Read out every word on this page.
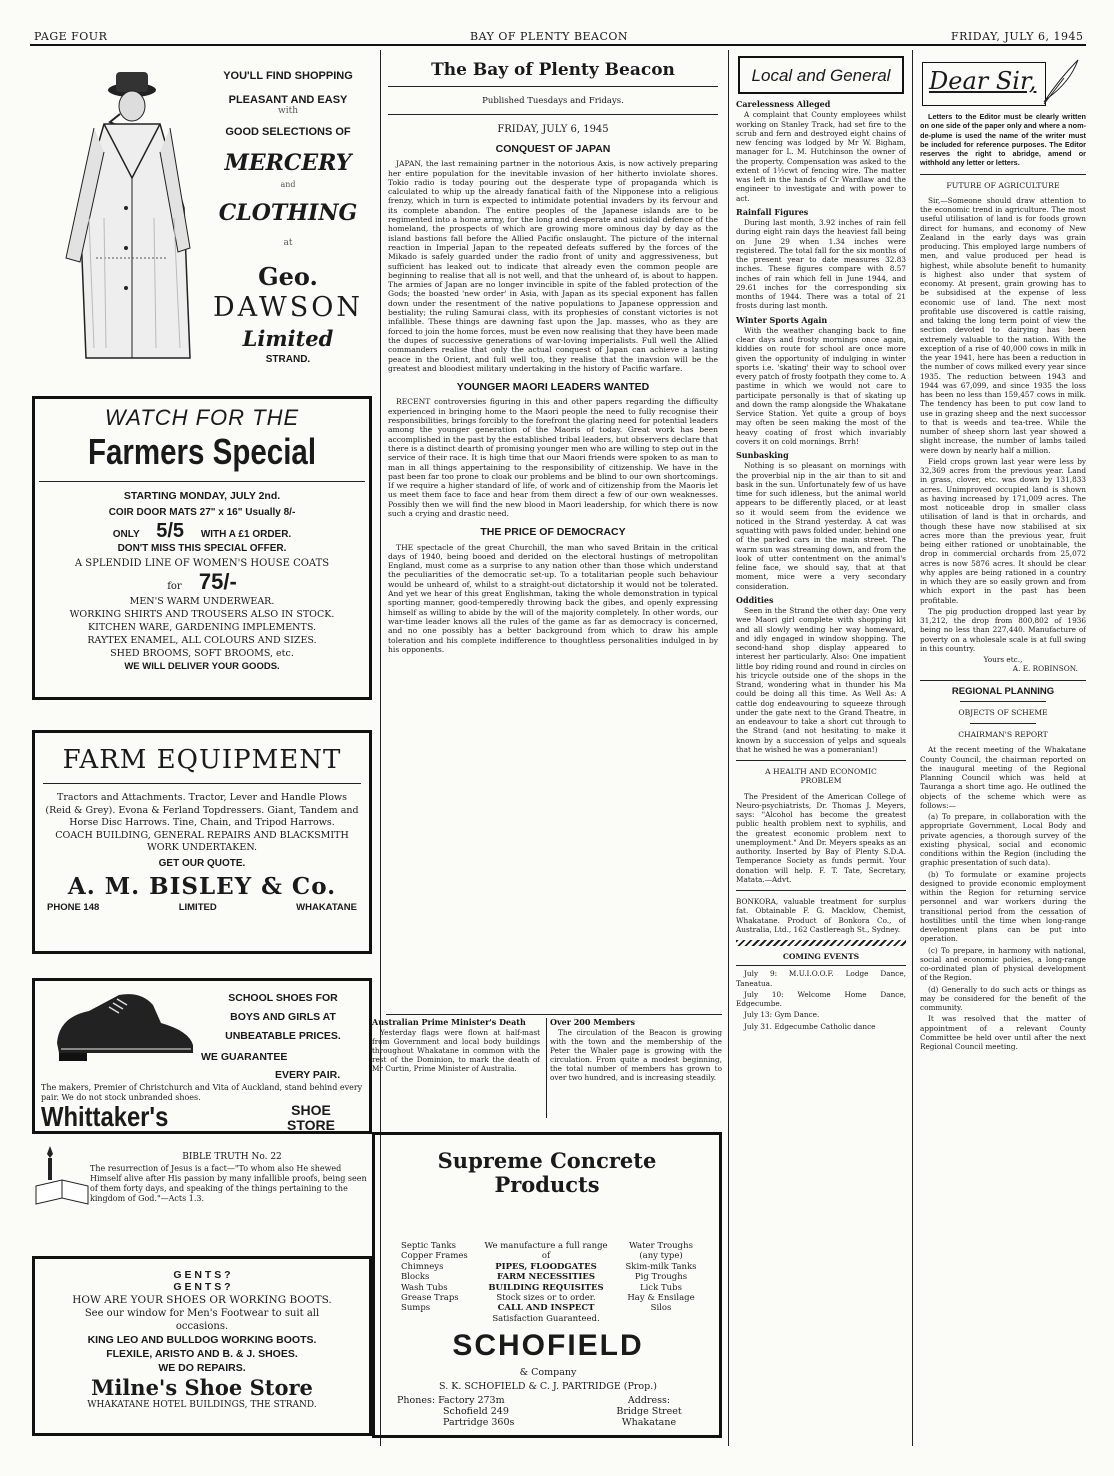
PAGE FOUR	BAY OF PLENTY BEACON	FRIDAY, JULY 6, 1945
YOU'LL FIND SHOPPING
PLEASANT AND EASY
with
GOOD SELECTIONS OF
MERCERY
and
CLOTHING
at
Geo.
DAWSON
Limited
STRAND.
WATCH FOR THE
Farmers Special
STARTING MONDAY, JULY 2nd.
COIR DOOR MATS 27" x 16" Usually 8/-
ONLY 5/5 WITH A £1 ORDER.
DON'T MISS THIS SPECIAL OFFER.
A SPLENDID LINE OF WOMEN'S HOUSE COATS
for 75/-
MEN'S WARM UNDERWEAR.
WORKING SHIRTS AND TROUSERS ALSO IN STOCK.
KITCHEN WARE, GARDENING IMPLEMENTS.
RAYTEX ENAMEL, ALL COLOURS AND SIZES.
SHED BROOMS, SOFT BROOMS, etc.
WE WILL DELIVER YOUR GOODS.
FARM EQUIPMENT
Tractors and Attachments. Tractor, Lever and Handle Plows (Reid & Grey). Evona & Ferland Topdressers. Giant, Tandem and Horse Disc Harrows. Tine, Chain, and Tripod Harrows.
COACH BUILDING, GENERAL REPAIRS AND BLACKSMITH WORK UNDERTAKEN.
GET OUR QUOTE.
A. M. BISLEY & Co.
PHONE 148	LIMITED	WHAKATANE
SCHOOL SHOES FOR
BOYS AND GIRLS AT
UNBEATABLE PRICES.
WE GUARANTEE
EVERY PAIR.
The makers, Premier of Christchurch and Vita of Auckland, stand behind every pair. We do not stock unbranded shoes.
Whittaker's	SHOE
STORE
BIBLE TRUTH No. 22
The resurrection of Jesus is a fact—"To whom also He shewed Himself alive after His passion by many infallible proofs, being seen of them forty days, and speaking of the things pertaining to the kingdom of God."—Acts 1.3.
G E N T S ?
G E N T S ?
HOW ARE YOUR SHOES OR WORKING BOOTS.
See our window for Men's Footwear to suit all occasions.
KING LEO AND BULLDOG WORKING BOOTS.
FLEXILE, ARISTO AND B. & J. SHOES.
WE DO REPAIRS.
Milne's Shoe Store
WHAKATANE HOTEL BUILDINGS, THE STRAND.
The Bay of Plenty Beacon
Published Tuesdays and Fridays.
FRIDAY, JULY 6, 1945
CONQUEST OF JAPAN

JAPAN, the last remaining partner in the notorious Axis, is now actively preparing her entire population for the inevitable invasion of her hitherto inviolate shores. Tokio radio is today pouring out the desperate type of propaganda which is calculated to whip up the already fanatical faith of the Nipponese into a religious frenzy, which in turn is expected to intimidate potential invaders by its fervour and its complete abandon. The entire peoples of the Japanese islands are to be regimented into a home army, for the long and desperate and suicidal defence of the homeland, the prospects of which are growing more ominous day by day as the island bastions fall before the Allied Pacific onslaught. The picture of the internal reaction in Imperial Japan to the repeated defeats suffered by the forces of the Mikado is safely guarded under the radio front of unity and aggressiveness, but sufficient has leaked out to indicate that already even the common people are beginning to realise that all is not well, and that the unheard of, is about to happen. The armies of Japan are no longer invincible in spite of the fabled protection of the Gods; the boasted 'new order' in Asia, with Japan as its special exponent has fallen down under the resentment of the native populations to Japanese oppression and bestiality; the ruling Samurai class, with its prophesies of constant victories is not infallible. These things are dawning fast upon the Jap. masses, who as they are forced to join the home forces, must be even now realising that they have been made the dupes of successive generations of war-loving imperialists. Full well the Allied commanders realise that only the actual conquest of Japan can achieve a lasting peace in the Orient, and full well too, they realise that the inavsion will be the greatest and bloodiest military undertaking in the history of Pacific warfare.

YOUNGER MAORI LEADERS WANTED

RECENT controversies figuring in this and other papers regarding the difficulty experienced in bringing home to the Maori people the need to fully recognise their responsibilities, brings forcibly to the forefront the glaring need for potential leaders among the younger generation of the Maoris of today. Great work has been accomplished in the past by the established tribal leaders, but observers declare that there is a distinct dearth of promising younger men who are willing to step out in the service of their race. It is high time that our Maori friends were spoken to as man to man in all things appertaining to the responsibility of citizenship. We have in the past been far too prone to cloak our problems and be blind to our own shortcomings. If we require a higher standard of life, of work and of citizenship from the Maoris let us meet them face to face and hear from them direct a few of our own weaknesses. Possibly then we will find the new blood in Maori leadership, for which there is now such a crying and drastic need.

THE PRICE OF DEMOCRACY

THE spectacle of the great Churchill, the man who saved Britain in the critical days of 1940, being booed and derided on the electoral hustings of metropolitan England, must come as a surprise to any nation other than those which understand the peculiarities of the democratic set-up. To a totalitarian people such behaviour would be unheard of, whilst to a straight-out dictatorship it would not be tolerated. And yet we hear of this great Englishman, taking the whole demonstration in typical sporting manner, good-temperedly throwing back the gibes, and openly expressing himself as willing to abide by the will of the majority completely. In other words, our war-time leader knows all the rules of the game as far as democracy is concerned, and no one possibly has a better background from which to draw his ample toleration and his complete indifference to thoughtless personalities indulged in by his opponents.

Australian Prime Minister's Death

Yesterday flags were flown at half-mast from Government and local body buildings throughout Whakatane in common with the rest of the Dominion, to mark the death of Mr Curtin, Prime Minister of Australia.

Over 200 Members

The circulation of the Beacon is growing with the town and the membership of the Peter the Whaler page is growing with the circulation. From quite a modest beginning, the total number of members has grown to over two hundred, and is increasing steadily.

Supreme Concrete
Products
Septic Tanks
Copper Frames
Chimneys
Blocks
Wash Tubs
Grease Traps
Sumps
We manufacture a full range of
PIPES, FLOODGATES
FARM NECESSITIES
BUILDING REQUISITES
Stock sizes or to order.
CALL AND INSPECT
Satisfaction Guaranteed.
Water Troughs
(any type)
Skim-milk Tanks
Pig Troughs
Lick Tubs
Hay & Ensilage
Silos
SCHOFIELD
& Company
S. K. SCHOFIELD & C. J. PARTRIDGE (Prop.)
Phones: Factory 273m
Schofield 249
Partridge 360s
Address:
Bridge Street
Whakatane
Local and General
Carelessness Alleged

A complaint that County employees whilst working on Stanley Track, had set fire to the scrub and fern and destroyed eight chains of new fencing was lodged by Mr W. Bigham, manager for L. M. Hutchinson the owner of the property. Compensation was asked to the extent of 1½cwt of fencing wire. The matter was left in the hands of Cr Wardlaw and the engineer to investigate and with power to act.

Rainfall Figures

During last month, 3.92 inches of rain fell during eight rain days the heaviest fall being on June 29 when 1.34 inches were registered. The total fall for the six months of the present year to date measures 32.83 inches. These figures compare with 8.57 inches of rain which fell in June 1944, and 29.61 inches for the corresponding six months of 1944. There was a total of 21 frosts during last month.

Winter Sports Again

With the weather changing back to fine clear days and frosty mornings once again, kiddies on route for school are once more given the opportunity of indulging in winter sports i.e. 'skating' their way to school over every patch of frosty footpath they come to. A pastime in which we would not care to participate personally is that of skating up and down the ramp alongside the Whakatane Service Station. Yet quite a group of boys may often be seen making the most of the heavy coating of frost which invariably covers it on cold mornings. Brrh!

Sunbasking

Nothing is so pleasant on mornings with the proverbial nip in the air than to sit and bask in the sun. Unfortunately few of us have time for such idleness, but the animal world appears to be differently placed, or at least so it would seem from the evidence we noticed in the Strand yesterday. A cat was squatting with paws folded under, behind one of the parked cars in the main street. The warm sun was streaming down, and from the look of utter contentment on the animal's feline face, we should say, that at that moment, mice were a very secondary consideration.

Oddities

Seen in the Strand the other day: One very wee Maori girl complete with shopping kit and all slowly wending her way homeward, and idly engaged in window shopping. The second-hand shop display appeared to interest her particularly. Also: One impatient little boy riding round and round in circles on his tricycle outside one of the shops in the Strand, wondering what in thunder his Ma could be doing all this time. As Well As: A cattle dog endeavouring to squeeze through under the gate next to the Grand Theatre, in an endeavour to take a short cut through to the Strand (and not hesitating to make it known by a succession of yelps and squeals that he wished he was a pomeranian!)

A HEALTH AND ECONOMIC PROBLEM

The President of the American College of Neuro-psychiatrists, Dr. Thomas J. Meyers, says: "Alcohol has become the greatest public health problem next to syphilis, and the greatest economic problem next to unemployment." And Dr. Meyers speaks as an authority. Inserted by Bay of Plenty S.D.A. Temperance Society as funds permit. Your donation will help. F. T. Tate, Secretary, Matata.—Advt.

BONKORA, valuable treatment for surplus fat. Obtainable F. G. Macklow, Chemist, Whakatane. Product of Bonkora Co., of Australia, Ltd., 162 Castlereagh St., Sydney.

COMING EVENTS

July 9: M.U.I.O.O.F. Lodge Dance, Taneatua.

July 10: Welcome Home Dance, Edgecumbe.

July 13: Gym Dance.

July 31. Edgecumbe Catholic dance

Dear Sir,

Letters to the Editor must be clearly written on one side of the paper only and where a nom-de-plume is used the name of the writer must be included for reference purposes. The Editor reserves the right to abridge, amend or withhold any letter or letters.

FUTURE OF AGRICULTURE

Sir,—Someone should draw attention to the economic trend in agriculture. The most useful utilisation of land is for foods grown direct for humans, and economy of New Zealand in the early days was grain producing. This employed large numbers of men, and value produced per head is highest, while absolute benefit to humanity is highest also under that system of economy. At present, grain growing has to be subsidised at the expense of less economic use of land. The next most profitable use discovered is cattle raising, and taking the long term point of view the section devoted to dairying has been extremely valuable to the nation. With the exception of a rise of 40,000 cows in milk in the year 1941, here has been a reduction in the number of cows milked every year since 1935. The reduction between 1943 and 1944 was 67,099, and since 1935 the loss has been no less than 159,457 cows in milk. The tendency has been to put cow land to use in grazing sheep and the next successor to that is weeds and tea-tree. While the number of sheep shorn last year showed a slight increase, the number of lambs tailed were down by nearly half a million.

Field crops grown last year were less by 32,369 acres from the previous year. Land in grass, clover, etc. was down by 131,833 acres. Unimproved occupied land is shown as having increased by 171,009 acres. The most noticeable drop in smaller class utilisation of land is that in orchards, and though these have now stabilised at six acres more than the previous year, fruit being either rationed or unobtainable, the drop in commercial orchards from 25,072 acres is now 5876 acres. It should be clear why apples are being rationed in a country in which they are so easily grown and from which export in the past has been profitable.

The pig production dropped last year by 31,212, the drop from 800,802 of 1936 being no less than 227,440. Manufacture of poverty on a wholesale scale is at full swing in this country.

Yours etc.,
A. E. ROBINSON.
REGIONAL PLANNING
OBJECTS OF SCHEME
CHAIRMAN'S REPORT

At the recent meeting of the Whakatane County Council, the chairman reported on the inaugural meeting of the Regional Planning Council which was held at Tauranga a short time ago. He outlined the objects of the scheme which were as follows:—

(a) To prepare, in collaboration with the appropriate Government, Local Body and private agencies, a thorough survey of the existing physical, social and economic conditions within the Region (including the graphic presentation of such data).

(b) To formulate or examine projects designed to provide economic employment within the Region for returning service personnel and war workers during the transitional period from the cessation of hostilities until the time when long-range development plans can be put into operation.

(c) To prepare, in harmony with national, social and economic policies, a long-range co-ordinated plan of physical development of the Region.

(d) Generally to do such acts or things as may be considered for the benefit of the community.

It was resolved that the matter of appointment of a relevant County Committee be held over until after the next Regional Council meeting.
